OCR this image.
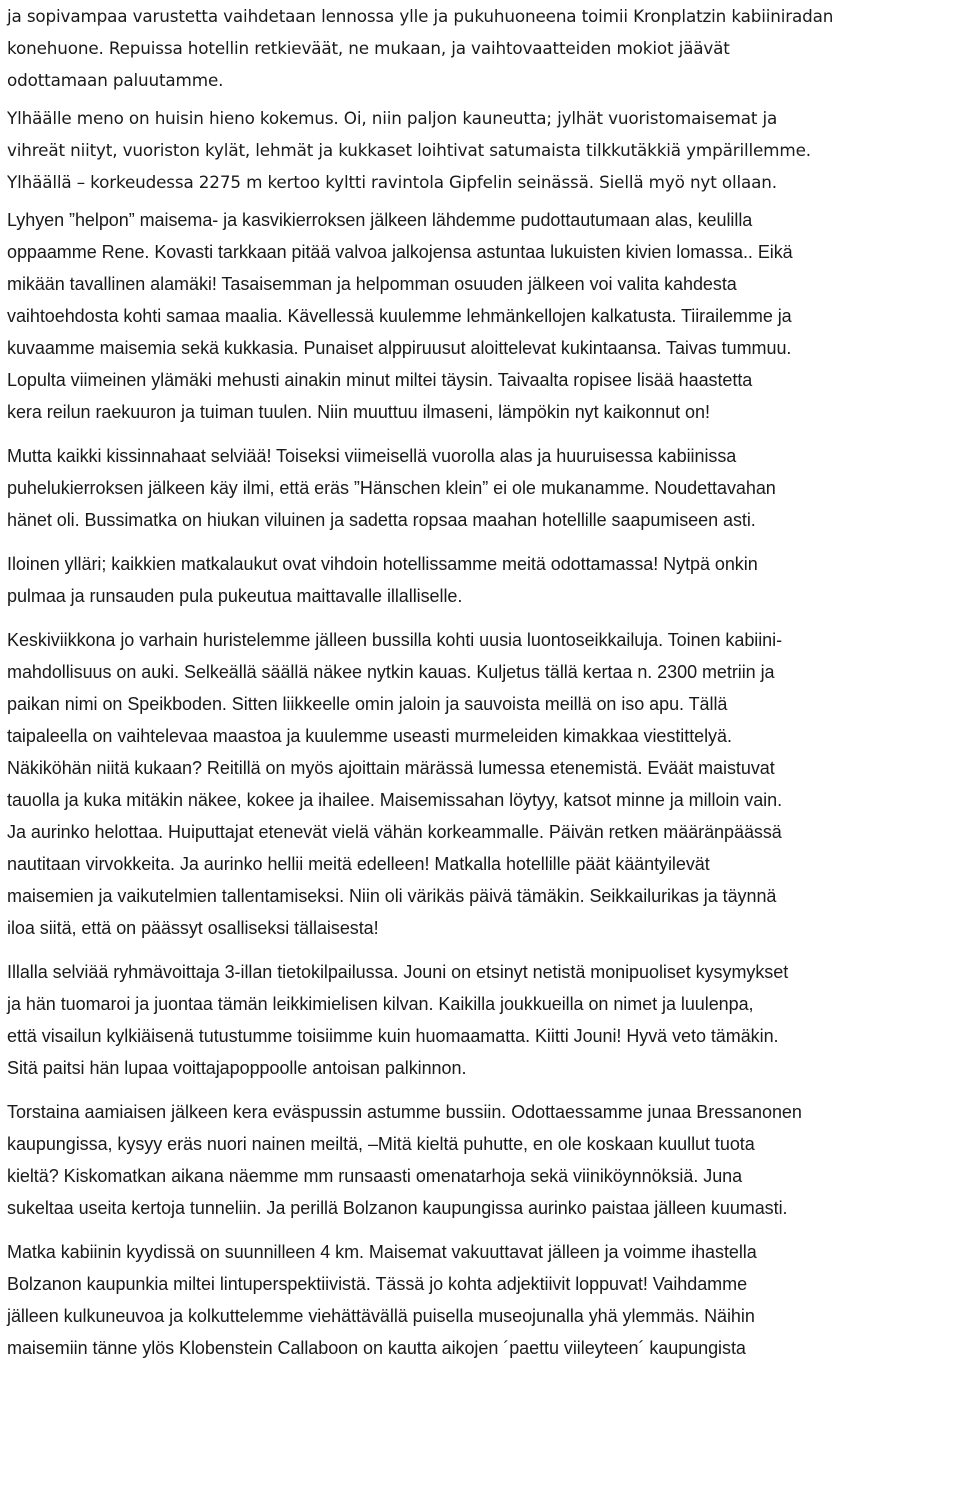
ja sopivampaa varustetta vaihdetaan lennossa ylle ja pukuhuoneena toimii Kronplatzin kabiiniradan
konehuone. Repuissa hotellin retkieväät, ne mukaan, ja vaihtovaatteiden mokiot jäävät
odottamaan paluutamme.
Ylhäälle meno on huisin hieno kokemus. Oi, niin paljon kauneutta; jylhät vuoristomaisemat ja
vihreät niityt, vuoriston kylät, lehmät ja kukkaset loihtivat satumaista tilkkutäkkiä ympärillemme.
Ylhäällä – korkeudessa 2275 m kertoo kyltti ravintola Gipfelin seinässä. Siellä myö nyt ollaan.
Lyhyen ”helpon” maisema- ja kasvikierroksen jälkeen lähdemme pudottautumaan alas, keulilla
oppaamme Rene. Kovasti tarkkaan pitää valvoa jalkojensa astuntaa lukuisten kivien lomassa.. Eikä
mikään tavallinen alamäki! Tasaisemman ja helpomman osuuden jälkeen voi valita kahdesta
vaihtoehdosta kohti samaa maalia. Kävellessä kuulemme lehmänkellojen kalkatusta. Tiirailemme ja
kuvaamme maisemia sekä kukkasia. Punaiset alppiruusut aloittelevat kukintaansa. Taivas tummuu.
Lopulta viimeinen ylämäki mehusti ainakin minut miltei täysin. Taivaalta ropisee lisää haastetta
kera reilun raekuuron ja tuiman tuulen. Niin muuttuu ilmaseni, lämpökin nyt kaikonnut on!
Mutta kaikki kissinnahaat selviää! Toiseksi viimeisellä vuorolla alas ja huuruisessa kabiinissa
puhelukierroksen jälkeen käy ilmi, että eräs ”Hänschen klein” ei ole mukanamme. Noudettavahan
hänet oli. Bussimatka on hiukan viluinen ja sadetta ropsaa maahan hotellille saapumiseen asti.
Iloinen ylläri; kaikkien matkalaukut ovat vihdoin hotellissamme meitä odottamassa! Nytpä onkin
pulmaa ja runsauden pula pukeutua maittavalle illalliselle.
Keskiviikkona jo varhain huristelemme jälleen bussilla kohti uusia luontoseikkailuja. Toinen kabiini-
mahdollisuus on auki. Selkeällä säällä näkee nytkin kauas. Kuljetus tällä kertaa n. 2300 metriin ja
paikan nimi on Speikboden. Sitten liikkeelle omin jaloin ja sauvoista meillä on iso apu. Tällä
taipaleella on vaihtelevaa maastoa ja kuulemme useasti murmeleiden kimakkaa viestittelyä.
Näkiköhän niitä kukaan? Reitillä on myös ajoittain märässä lumessa etenemistä. Eväät maistuvat
tauolla ja kuka mitäkin näkee, kokee ja ihailee. Maisemissahan löytyy, katsot minne ja milloin vain.
Ja aurinko helottaa. Huiputtajat etenevät vielä vähän korkeammalle. Päivän retken määränpäässä
nautitaan virvokkeita. Ja aurinko hellii meitä edelleen! Matkalla hotellille päät kääntyilevät
maisemien ja vaikutelmien tallentamiseksi. Niin oli värikäs päivä tämäkin. Seikkailurikas ja täynnä
iloa siitä, että on päässyt osalliseksi tällaisesta!
Illalla selviää ryhmävoittaja 3-illan tietokilpailussa. Jouni on etsinyt netistä monipuoliset kysymykset
ja hän tuomaroi ja juontaa tämän leikkimielisen kilvan. Kaikilla joukkueilla on nimet ja luulenpa,
että visailun kylkiäisenä tutustumme toisiimme kuin huomaamatta. Kiitti Jouni! Hyvä veto tämäkin.
Sitä paitsi hän lupaa voittajapoppoolle antoisan palkinnon.
Torstaina aamiaisen jälkeen kera eväspussin astumme bussiin. Odottaessamme junaa Bressanonen
kaupungissa, kysyy eräs nuori nainen meiltä, –Mitä kieltä puhutte, en ole koskaan kuullut tuota
kieltä? Kiskomatkan aikana näemme mm runsaasti omenatarhoja sekä viiniköynnöksiä. Juna
sukeltaa useita kertoja tunneliin. Ja perillä Bolzanon kaupungissa aurinko paistaa jälleen kuumasti.
Matka kabiinin kyydissä on suunnilleen 4 km. Maisemat vakuuttavat jälleen ja voimme ihastella
Bolzanon kaupunkia miltei lintuperspektiivistä. Tässä jo kohta adjektiivit loppuvat! Vaihdamme
jälleen kulkuneuvoa ja kolkuttelemme viehättävällä puisella museojunalla yhä ylemmäs. Näihin
maisemiin tänne ylös Klobenstein Callaboon on kautta aikojen ´paettu viileyteen´ kaupungista
